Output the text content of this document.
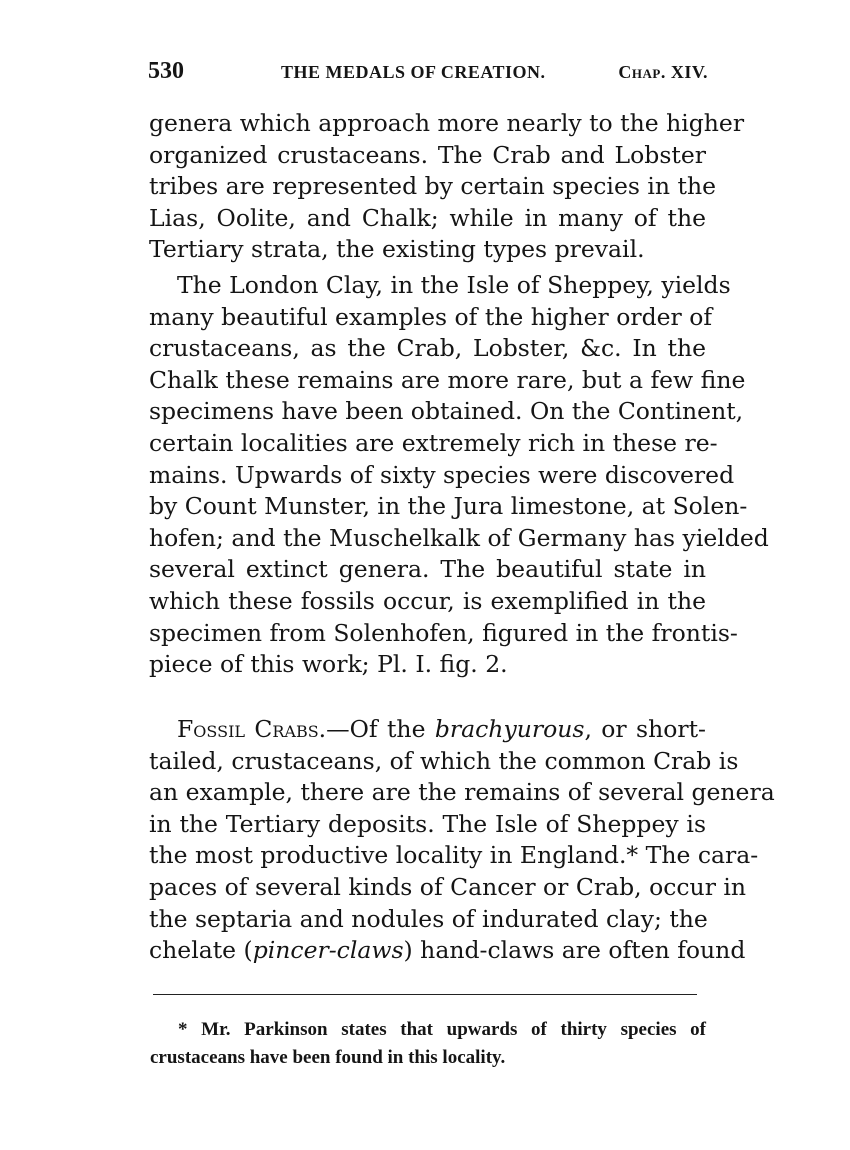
530	THE MEDALS OF CREATION.	Chap. XIV.
genera which approach more nearly to the higher
organized crustaceans. The Crab and Lobster
tribes are represented by certain species in the
Lias, Oolite, and Chalk; while in many of the
Tertiary strata, the existing types prevail.
The London Clay, in the Isle of Sheppey, yields
many beautiful examples of the higher order of
crustaceans, as the Crab, Lobster, &c. In the
Chalk these remains are more rare, but a few fine
specimens have been obtained. On the Continent,
certain localities are extremely rich in these re-
mains. Upwards of sixty species were discovered
by Count Munster, in the Jura limestone, at Solen-
hofen; and the Muschelkalk of Germany has yielded
several extinct genera. The beautiful state in
which these fossils occur, is exemplified in the
specimen from Solenhofen, figured in the frontis-
piece of this work; Pl. I. fig. 2.
Fossil Crabs.—Of the brachyurous, or short-
tailed, crustaceans, of which the common Crab is
an example, there are the remains of several genera
in the Tertiary deposits. The Isle of Sheppey is
the most productive locality in England.* The cara-
paces of several kinds of Cancer or Crab, occur in
the septaria and nodules of indurated clay; the
chelate (pincer-claws) hand-claws are often found
* Mr. Parkinson states that upwards of thirty species of
crustaceans have been found in this locality.
